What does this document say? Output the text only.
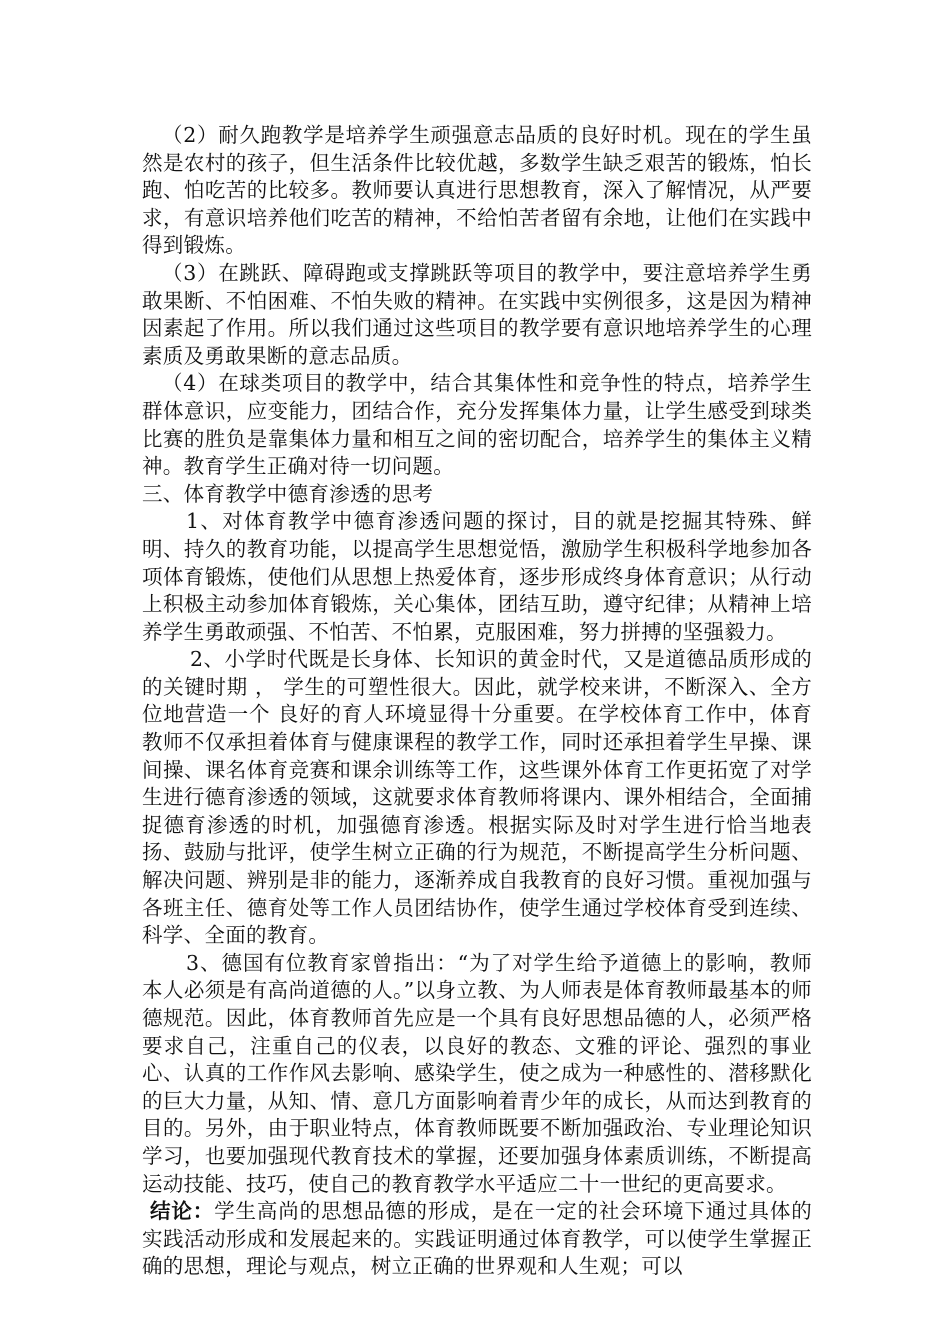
（2）耐久跑教学是培养学生顽强意志品质的良好时机。现在的学生虽然是农村的孩子，但生活条件比较优越，多数学生缺乏艰苦的锻炼，怕长跑、怕吃苦的比较多。教师要认真进行思想教育，深入了解情况，从严要求，有意识培养他们吃苦的精神，不给怕苦者留有余地，让他们在实践中得到锻炼。

（3）在跳跃、障碍跑或支撑跳跃等项目的教学中，要注意培养学生勇敢果断、不怕困难、不怕失败的精神。在实践中实例很多，这是因为精神因素起了作用。所以我们通过这些项目的教学要有意识地培养学生的心理素质及勇敢果断的意志品质。

（4）在球类项目的教学中，结合其集体性和竞争性的特点，培养学生群体意识，应变能力，团结合作，充分发挥集体力量，让学生感受到球类比赛的胜负是靠集体力量和相互之间的密切配合，培养学生的集体主义精神。教育学生正确对待一切问题。

三、体育教学中德育渗透的思考

1、对体育教学中德育渗透问题的探讨，目的就是挖掘其特殊、鲜明、持久的教育功能，以提高学生思想觉悟，激励学生积极科学地参加各项体育锻炼，使他们从思想上热爱体育，逐步形成终身体育意识；从行动上积极主动参加体育锻炼，关心集体，团结互助，遵守纪律；从精神上培养学生勇敢顽强、不怕苦、不怕累，克服困难，努力拼搏的坚强毅力。

2、小学时代既是长身体、长知识的黄金时代，又是道德品质形成的的关键时期 ， 学生的可塑性很大。因此，就学校来讲，不断深入、全方位地营造一个 良好的育人环境显得十分重要。在学校体育工作中，体育教师不仅承担着体育与健康课程的教学工作，同时还承担着学生早操、课间操、课名体育竞赛和课余训练等工作，这些课外体育工作更拓宽了对学生进行德育渗透的领域，这就要求体育教师将课内、课外相结合，全面捕捉德育渗透的时机，加强德育渗透。根据实际及时对学生进行恰当地表扬、鼓励与批评，使学生树立正确的行为规范，不断提高学生分析问题、解决问题、辨别是非的能力，逐渐养成自我教育的良好习惯。重视加强与各班主任、德育处等工作人员团结协作，使学生通过学校体育受到连续、科学、全面的教育。

3、德国有位教育家曾指出：“为了对学生给予道德上的影响，教师本人必须是有高尚道德的人。”以身立教、为人师表是体育教师最基本的师德规范。因此，体育教师首先应是一个具有良好思想品德的人，必须严格要求自己，注重自己的仪表，以良好的教态、文雅的评论、强烈的事业心、认真的工作作风去影响、感染学生，使之成为一种感性的、潜移默化的巨大力量，从知、情、意几方面影响着青少年的成长，从而达到教育的目的。另外，由于职业特点，体育教师既要不断加强政治、专业理论知识学习，也要加强现代教育技术的掌握，还要加强身体素质训练，不断提高运动技能、技巧，使自己的教育教学水平适应二十一世纪的更高要求。

结论：学生高尚的思想品德的形成，是在一定的社会环境下通过具体的实践活动形成和发展起来的。实践证明通过体育教学，可以使学生掌握正确的思想，理论与观点，树立正确的世界观和人生观；可以
